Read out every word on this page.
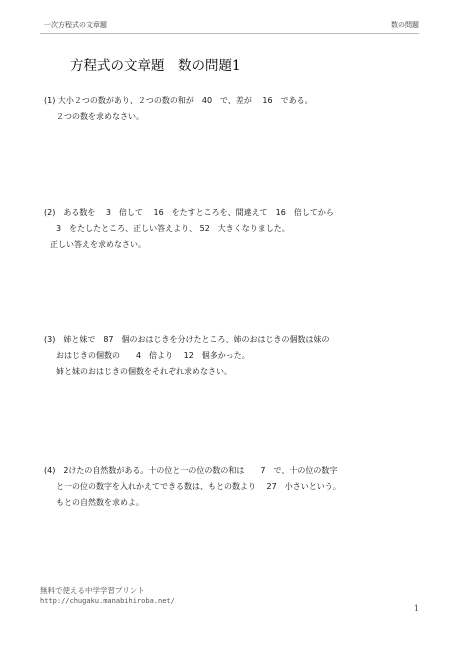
一次方程式の文章題	数の問題
方程式の文章題　数の問題1
(1) 大小２つの数があり、２つの数の和が　40　で、差が　 16　である。
２つの数を求めなさい。
(2)　ある数を　 3　倍して　 16　をたすところを、間違えて　16　倍してから
3　をたしたところ、正しい答えより、 52　大きくなりました。
正しい答えを求めなさい。
(3)　姉と妹で　87　個のおはじきを分けたところ、姉のおはじきの個数は妹の
おはじきの個数の　　4　倍より　 12　個多かった。
姉と妹のおはじきの個数をそれぞれ求めなさい。
(4)　2けたの自然数がある。十の位と一の位の数の和は　　7　で、十の位の数字
と一の位の数字を入れかえてできる数は、もとの数より　 27　小さいという。
もとの自然数を求めよ。
無料で使える中学学習プリント
http://chugaku.manabihiroba.net/
1
